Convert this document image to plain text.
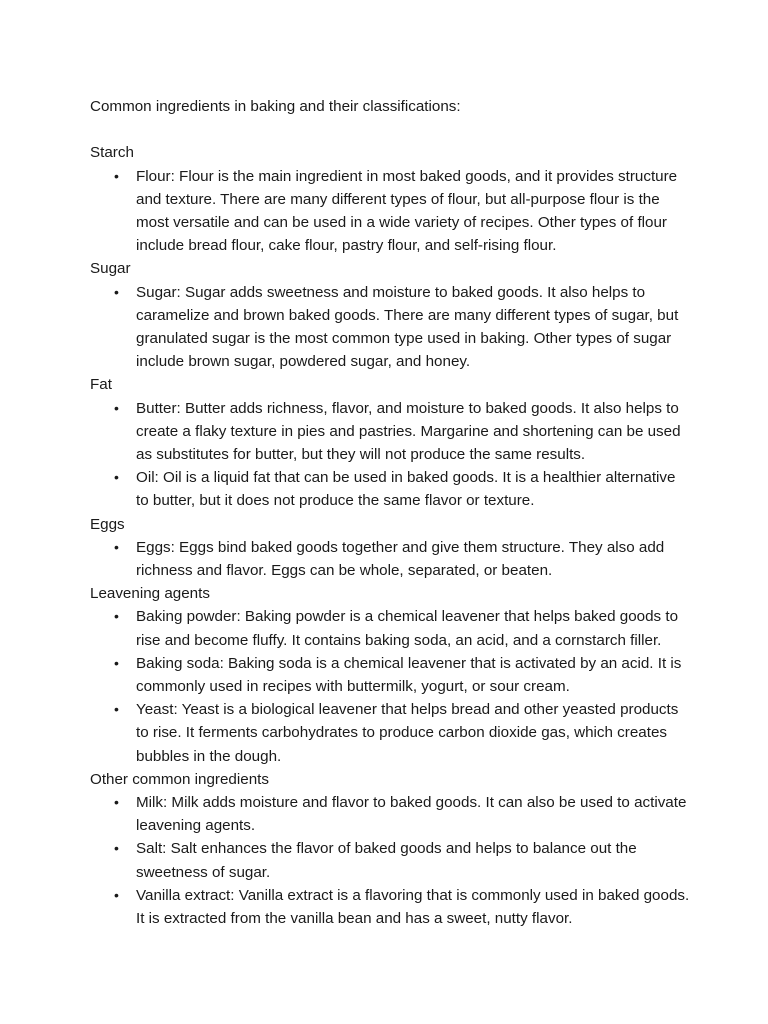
Common ingredients in baking and their classifications:

Starch

• Flour: Flour is the main ingredient in most baked goods, and it provides structure and texture. There are many different types of flour, but all-purpose flour is the most versatile and can be used in a wide variety of recipes. Other types of flour include bread flour, cake flour, pastry flour, and self-rising flour.

Sugar

• Sugar: Sugar adds sweetness and moisture to baked goods. It also helps to caramelize and brown baked goods. There are many different types of sugar, but granulated sugar is the most common type used in baking. Other types of sugar include brown sugar, powdered sugar, and honey.

Fat

• Butter: Butter adds richness, flavor, and moisture to baked goods. It also helps to create a flaky texture in pies and pastries. Margarine and shortening can be used as substitutes for butter, but they will not produce the same results.
• Oil: Oil is a liquid fat that can be used in baked goods. It is a healthier alternative to butter, but it does not produce the same flavor or texture.

Eggs

• Eggs: Eggs bind baked goods together and give them structure. They also add richness and flavor. Eggs can be whole, separated, or beaten.

Leavening agents

• Baking powder: Baking powder is a chemical leavener that helps baked goods to rise and become fluffy. It contains baking soda, an acid, and a cornstarch filler.
• Baking soda: Baking soda is a chemical leavener that is activated by an acid. It is commonly used in recipes with buttermilk, yogurt, or sour cream.
• Yeast: Yeast is a biological leavener that helps bread and other yeasted products to rise. It ferments carbohydrates to produce carbon dioxide gas, which creates bubbles in the dough.

Other common ingredients

• Milk: Milk adds moisture and flavor to baked goods. It can also be used to activate leavening agents.
• Salt: Salt enhances the flavor of baked goods and helps to balance out the sweetness of sugar.
• Vanilla extract: Vanilla extract is a flavoring that is commonly used in baked goods. It is extracted from the vanilla bean and has a sweet, nutty flavor.
